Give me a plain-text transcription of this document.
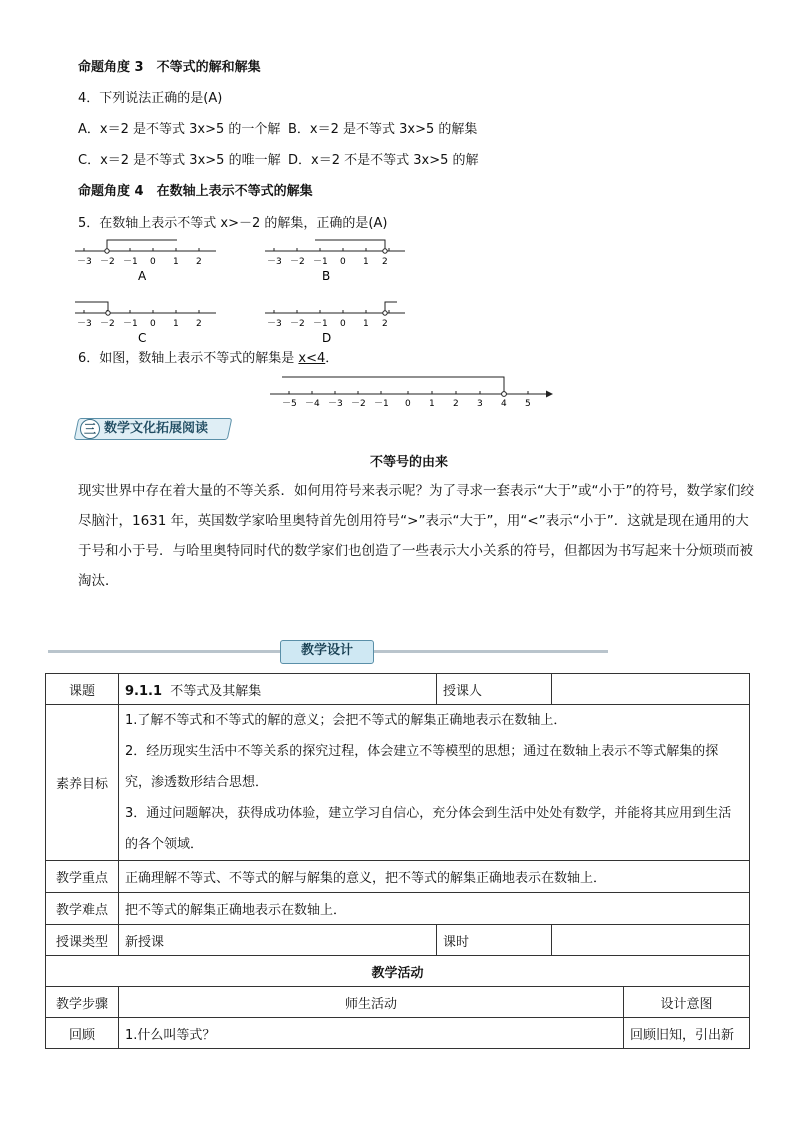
命题角度 3　不等式的解和解集
4．下列说法正确的是(A)
A．x＝2 是不等式 3x>5 的一个解 B．x＝2 是不等式 3x>5 的解集
C．x＝2 是不等式 3x>5 的唯一解 D．x＝2 不是不等式 3x>5 的解
命题角度 4　在数轴上表示不等式的解集
5．在数轴上表示不等式 x>－2 的解集，正确的是(A)
－3 －2 －1 0 1 2
A
－3 －2 －1 0 1 2
B
－3 －2 －1 0 1 2
C
－3 －2 －1 0 1 2
D
6．如图，数轴上表示不等式的解集是 x<4．
－5 －4 －3 －2 －1 0 1 2 3 4 5
三 数学文化拓展阅读
不等号的由来
现实世界中存在着大量的不等关系．如何用符号来表示呢？为了寻求一套表示“大于”或“小于”的符号，数学家们绞尽脑汁，1631 年，英国数学家哈里奥特首先创用符号“>”表示“大于”，用“<”表示“小于”．这就是现在通用的大于号和小于号．与哈里奥特同时代的数学家们也创造了一些表示大小关系的符号，但都因为书写起来十分烦琐而被淘汰．
教学设计
课题	9.1.1 不等式及其解集	授课人		
素养目标	1.了解不等式和不等式的解的意义；会把不等式的解集正确地表示在数轴上．
2．经历现实生活中不等关系的探究过程，体会建立不等模型的思想；通过在数轴上表示不等式解集的探究，渗透数形结合思想．
3．通过问题解决，获得成功体验，建立学习自信心，充分体会到生活中处处有数学，并能将其应用到生活的各个领域．			

教学重点	正确理解不等式、不等式的解与解集的意义，把不等式的解集正确地表示在数轴上．			
教学难点	把不等式的解集正确地表示在数轴上．			
授课类型	新授课	课时		
教学活动				
教学步骤	师生活动			设计意图
回顾	1.什么叫等式？			回顾旧知，引出新
